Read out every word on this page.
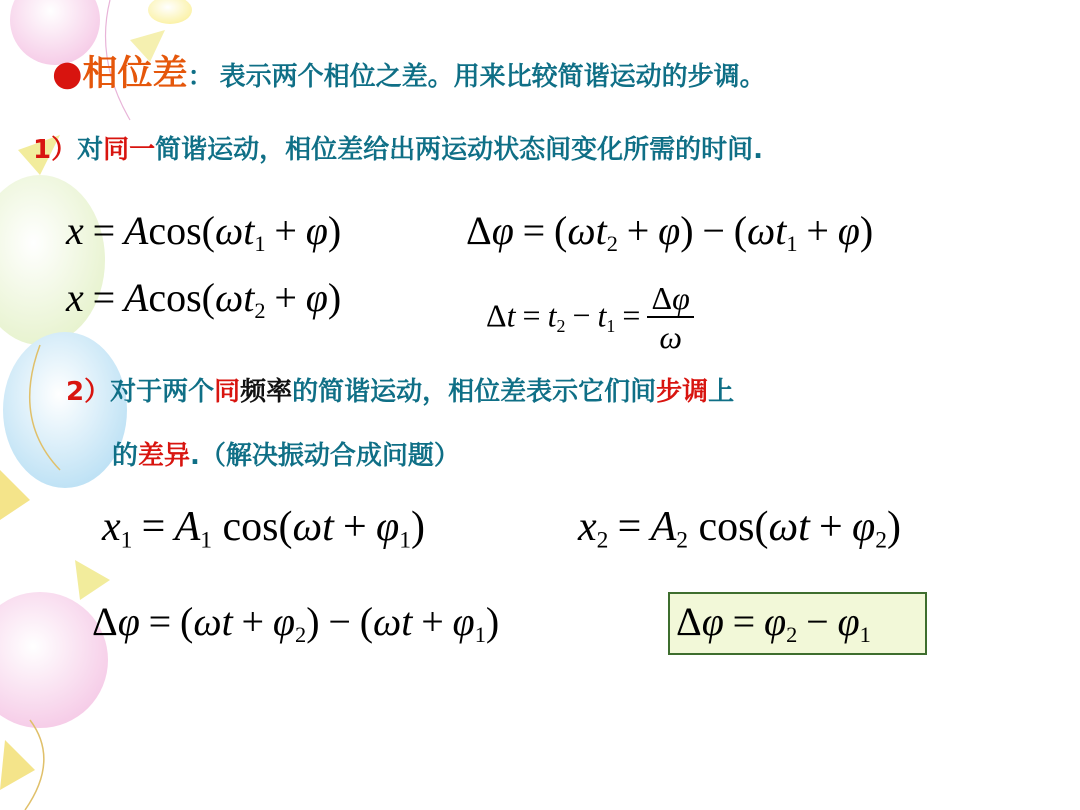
●相位差： 表示两个相位之差。用来比较简谐运动的步调。
1）对同一简谐运动，相位差给出两运动状态间变化所需的时间.
$x = Acos(\omega t_1 + \varphi)$	$\Delta\varphi = (\omega t_2 + \varphi) - (\omega t_1 + \varphi)$
$x = Acos(\omega t_2 + \varphi)$	$\Delta t = t_2 - t_1 = \frac{\Delta\varphi}{\omega}$
2）对于两个同频率的简谐运动，相位差表示它们间步调上
的差异.（解决振动合成问题）
$x_1 = A_1$ $\cos(\omega t + \varphi_1)$	$x_2 = A_2$ $\cos(\omega t + \varphi_2)$
$\Delta\varphi = (\omega t + \varphi_2) - (\omega t + \varphi_1)$	$\Delta\varphi = \varphi_2 - \varphi_1$
